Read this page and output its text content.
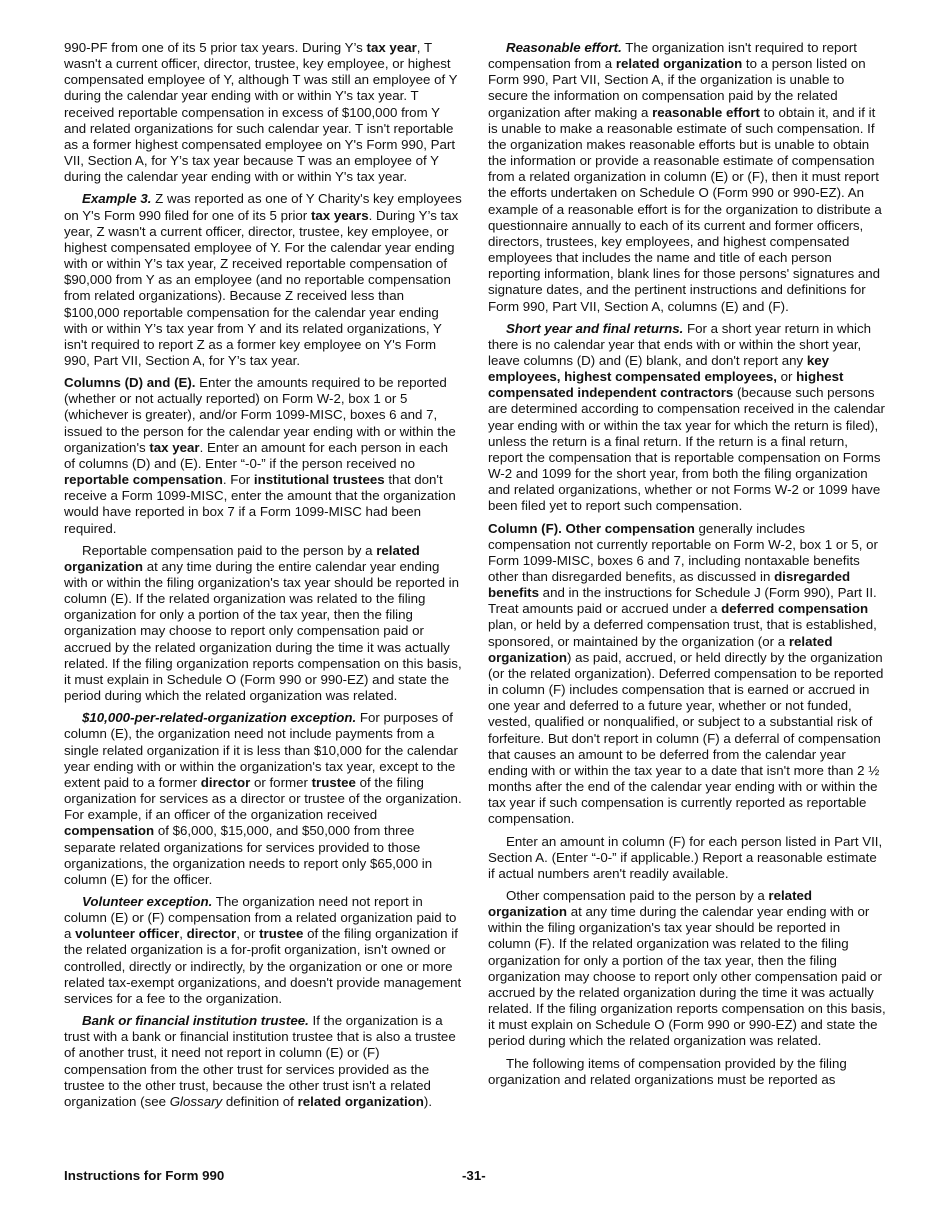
990-PF from one of its 5 prior tax years. During Y’s tax year, T wasn't a current officer, director, trustee, key employee, or highest compensated employee of Y, although T was still an employee of Y during the calendar year ending with or within Y's tax year. T received reportable compensation in excess of $100,000 from Y and related organizations for such calendar year. T isn't reportable as a former highest compensated employee on Y's Form 990, Part VII, Section A, for Y’s tax year because T was an employee of Y during the calendar year ending with or within Y's tax year.

Example 3. Z was reported as one of Y Charity's key employees on Y's Form 990 filed for one of its 5 prior tax years. During Y’s tax year, Z wasn't a current officer, director, trustee, key employee, or highest compensated employee of Y. For the calendar year ending with or within Y’s tax year, Z received reportable compensation of $90,000 from Y as an employee (and no reportable compensation from related organizations). Because Z received less than $100,000 reportable compensation for the calendar year ending with or within Y’s tax year from Y and its related organizations, Y isn't required to report Z as a former key employee on Y's Form 990, Part VII, Section A, for Y’s tax year.

Columns (D) and (E). Enter the amounts required to be reported (whether or not actually reported) on Form W-2, box 1 or 5 (whichever is greater), and/or Form 1099-MISC, boxes 6 and 7, issued to the person for the calendar year ending with or within the organization's tax year. Enter an amount for each person in each of columns (D) and (E). Enter “-0-” if the person received no reportable compensation. For institutional trustees that don't receive a Form 1099-MISC, enter the amount that the organization would have reported in box 7 if a Form 1099-MISC had been required.

Reportable compensation paid to the person by a related organization at any time during the entire calendar year ending with or within the filing organization's tax year should be reported in column (E). If the related organization was related to the filing organization for only a portion of the tax year, then the filing organization may choose to report only compensation paid or accrued by the related organization during the time it was actually related. If the filing organization reports compensation on this basis, it must explain in Schedule O (Form 990 or 990-EZ) and state the period during which the related organization was related.

$10,000-per-related-organization exception. For purposes of column (E), the organization need not include payments from a single related organization if it is less than $10,000 for the calendar year ending with or within the organization's tax year, except to the extent paid to a former director or former trustee of the filing organization for services as a director or trustee of the organization. For example, if an officer of the organization received compensation of $6,000, $15,000, and $50,000 from three separate related organizations for services provided to those organizations, the organization needs to report only $65,000 in column (E) for the officer.

Volunteer exception. The organization need not report in column (E) or (F) compensation from a related organization paid to a volunteer officer, director, or trustee of the filing organization if the related organization is a for-profit organization, isn't owned or controlled, directly or indirectly, by the organization or one or more related tax-exempt organizations, and doesn't provide management services for a fee to the organization.

Bank or financial institution trustee. If the organization is a trust with a bank or financial institution trustee that is also a trustee of another trust, it need not report in column (E) or (F) compensation from the other trust for services provided as the trustee to the other trust, because the other trust isn't a related organization (see Glossary definition of related organization).

Reasonable effort. The organization isn't required to report compensation from a related organization to a person listed on Form 990, Part VII, Section A, if the organization is unable to secure the information on compensation paid by the related organization after making a reasonable effort to obtain it, and if it is unable to make a reasonable estimate of such compensation. If the organization makes reasonable efforts but is unable to obtain the information or provide a reasonable estimate of compensation from a related organization in column (E) or (F), then it must report the efforts undertaken on Schedule O (Form 990 or 990-EZ). An example of a reasonable effort is for the organization to distribute a questionnaire annually to each of its current and former officers, directors, trustees, key employees, and highest compensated employees that includes the name and title of each person reporting information, blank lines for those persons' signatures and signature dates, and the pertinent instructions and definitions for Form 990, Part VII, Section A, columns (E) and (F).

Short year and final returns. For a short year return in which there is no calendar year that ends with or within the short year, leave columns (D) and (E) blank, and don't report any key employees, highest compensated employees, or highest compensated independent contractors (because such persons are determined according to compensation received in the calendar year ending with or within the tax year for which the return is filed), unless the return is a final return. If the return is a final return, report the compensation that is reportable compensation on Forms W-2 and 1099 for the short year, from both the filing organization and related organizations, whether or not Forms W-2 or 1099 have been filed yet to report such compensation.

Column (F). Other compensation generally includes compensation not currently reportable on Form W-2, box 1 or 5, or Form 1099-MISC, boxes 6 and 7, including nontaxable benefits other than disregarded benefits, as discussed in disregarded benefits and in the instructions for Schedule J (Form 990), Part II. Treat amounts paid or accrued under a deferred compensation plan, or held by a deferred compensation trust, that is established, sponsored, or maintained by the organization (or a related organization) as paid, accrued, or held directly by the organization (or the related organization). Deferred compensation to be reported in column (F) includes compensation that is earned or accrued in one year and deferred to a future year, whether or not funded, vested, qualified or nonqualified, or subject to a substantial risk of forfeiture. But don't report in column (F) a deferral of compensation that causes an amount to be deferred from the calendar year ending with or within the tax year to a date that isn't more than 2 ½ months after the end of the calendar year ending with or within the tax year if such compensation is currently reported as reportable compensation.

Enter an amount in column (F) for each person listed in Part VII, Section A. (Enter “-0-” if applicable.) Report a reasonable estimate if actual numbers aren't readily available.

Other compensation paid to the person by a related organization at any time during the calendar year ending with or within the filing organization's tax year should be reported in column (F). If the related organization was related to the filing organization for only a portion of the tax year, then the filing organization may choose to report only other compensation paid or accrued by the related organization during the time it was actually related. If the filing organization reports compensation on this basis, it must explain on Schedule O (Form 990 or 990-EZ) and state the period during which the related organization was related.

The following items of compensation provided by the filing organization and related organizations must be reported as

Instructions for Form 990	-31-
